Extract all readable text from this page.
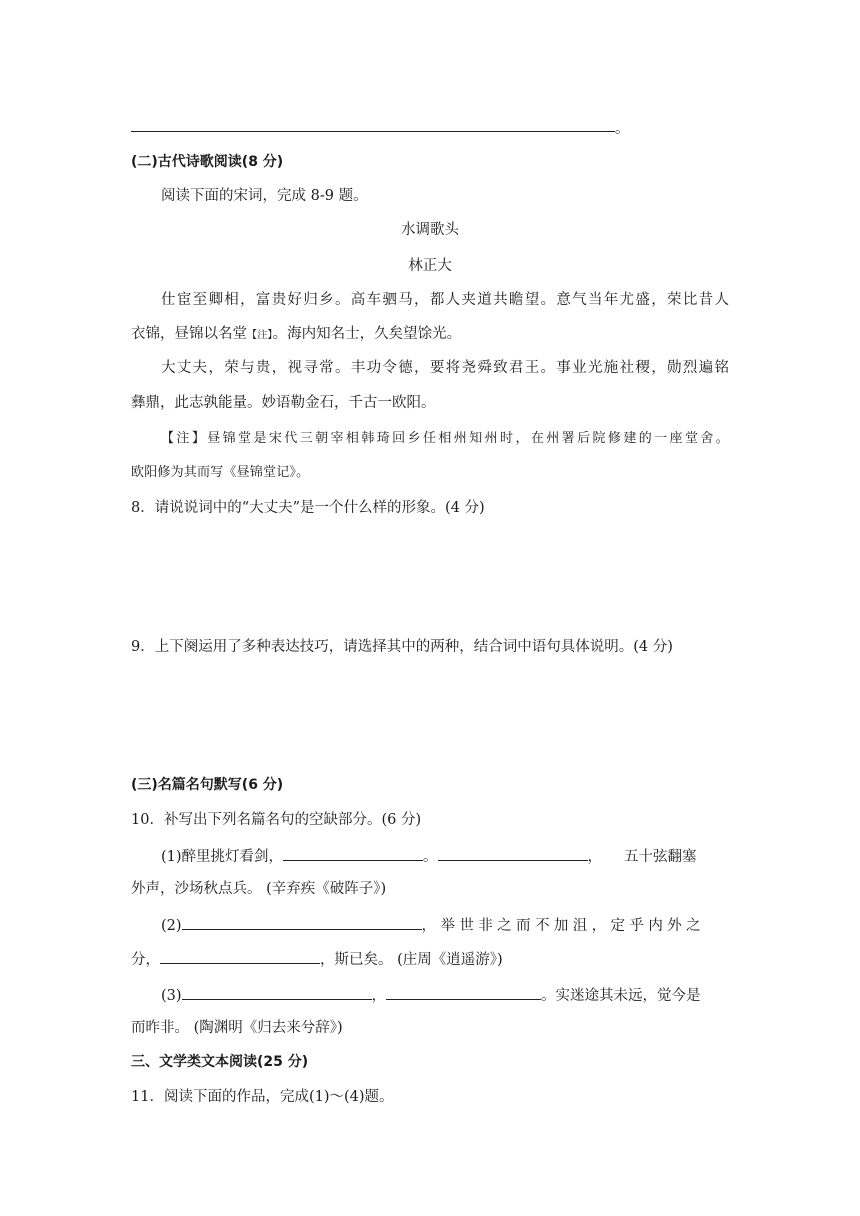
。
(二)古代诗歌阅读(8 分)
阅读下面的宋词，完成 8-9 题。
水调歌头
林正大
仕宦至卿相，富贵好归乡。高车驷马，都人夹道共瞻望。意气当年尤盛，荣比昔人
衣锦，昼锦以名堂【注】。海内知名士，久矣望馀光。
大丈夫，荣与贵，视寻常。丰功令德，要将尧舜致君王。事业光施社稷，勋烈遍铭
彝鼎，此志孰能量。妙语勒金石，千古一欧阳。
【注】昼锦堂是宋代三朝宰相韩琦回乡任相州知州时，在州署后院修建的一座堂舍。
欧阳修为其而写《昼锦堂记》。
8．请说说词中的“大丈夫”是一个什么样的形象。(4 分)
9．上下阕运用了多种表达技巧，请选择其中的两种，结合词中语句具体说明。(4 分)
(三)名篇名句默写(6 分)
10．补写出下列名篇名句的空缺部分。(6 分)
(1)醉里挑灯看剑，	。	， 五十弦翻塞
外声，沙场秋点兵。 (辛弃疾《破阵子》)
(2)	，举世非之而不加沮，定乎内外之
分，	，斯已矣。 (庄周《逍遥游》)
(3)	，	。实迷途其未远，觉今是
而昨非。 (陶渊明《归去来兮辞》)
三、文学类文本阅读(25 分)
11．阅读下面的作品，完成(1)～(4)题。
